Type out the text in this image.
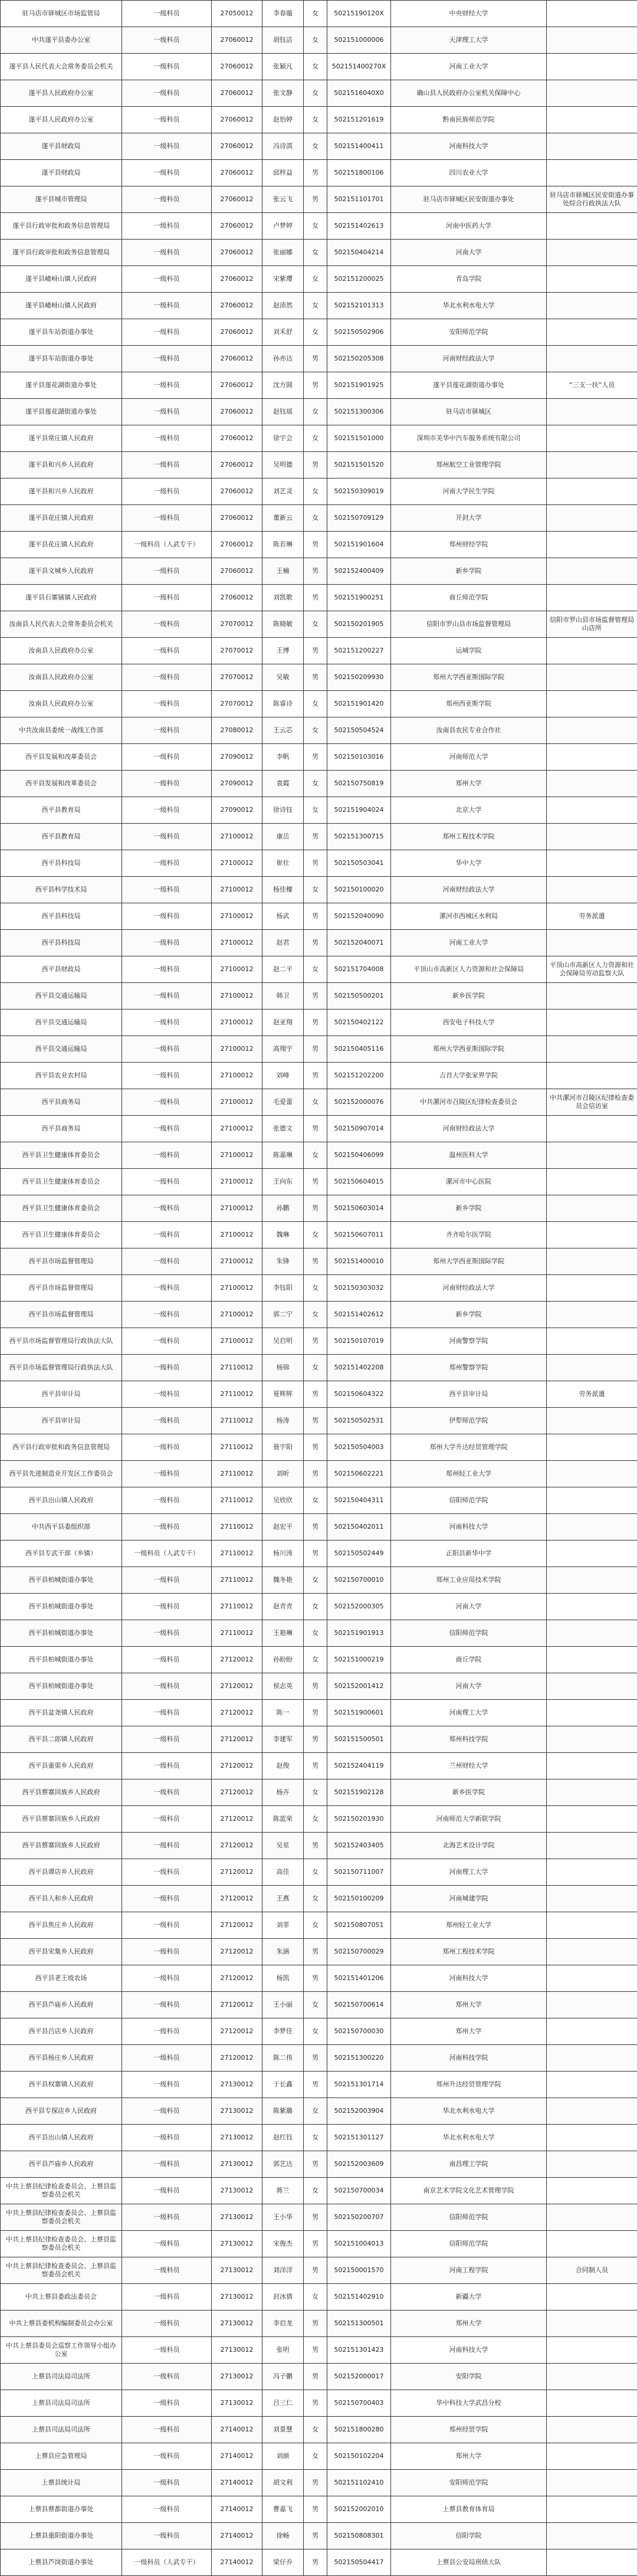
驻马店市驿城区市场监管局	一级科员	27050012	李春璇	女	50215190120X	中央财经大学	
中共遂平县委办公室	一级科员	27060012	胡钰洁	女	502151000006	天津理工大学	
遂平县人民代表大会常务委员会机关	一级科员	27060012	张颖凡	女	502151400270X	河南工业大学	
遂平县人民政府办公室	一级科员	27060012	张文静	女	5021516040X0	确山县人民政府办公室机关保障中心	
遂平县人民政府办公室	一级科员	27060012	赵怡婷	女	502151201619	黔南民族师范学院	
遂平县财政局	一级科员	27060012	冯诗淇	女	502151400411	河南科技大学	
遂平县财政局	一级科员	27060012	邱梓益	男	502151800106	四川农业大学	
遂平县城市管理局	一级科员	27060012	张云飞	男	502151101701	驻马店市驿城区民安街道办事处	驻马店市驿城区民安街道办事处综合行政执法大队
遂平县行政审批和政务信息管理局	一级科员	27060012	卢梦婷	女	502151402613	河南中医药大学	
遂平县行政审批和政务信息管理局	一级科员	27060012	张丽娜	女	502150404214	河南大学	
遂平县嵖岈山镇人民政府	一级科员	27060012	宋紫璎	女	502151200025	青岛学院	
遂平县嵖岈山镇人民政府	一级科员	27060012	赵沛然	女	502152101313	华北水利水电大学	
遂平县车站街道办事处	一级科员	27060012	刘禾舒	女	502150502906	安阳师范学院	
遂平县车站街道办事处	一级科员	27060012	孙亦达	男	502150205308	河南财经政法大学	
遂平县莲花湖街道办事处	一级科员	27060012	沈方圆	男	502151901925	遂平县莲花湖街道办事处	“三支一扶”人员
遂平县莲花湖街道办事处	一级科员	27060012	赵钰瑶	女	502151300306	驻马店市驿城区	
遂平县常庄镇人民政府	一级科员	27060012	徐宇会	女	502151501000	深圳市美华中汽车服务系统有限公司	
遂平县和兴乡人民政府	一级科员	27060012	吴明德	男	502151501520	郑州航空工业管理学院	
遂平县和兴乡人民政府	一级科员	27060012	刘艺灵	女	502150309019	河南大学民生学院	
遂平县花庄镇人民政府	一级科员	27060012	董新云	女	502150709129	开封大学	
遂平县花庄镇人民政府	一级科员（人武专干）	27060012	陈若琳	男	502151901604	郑州财经学院	
遂平县文城乡人民政府	一级科员	27060012	王楠	男	502152400409	新乡学院	
遂平县石寨铺镇人民政府	一级科员	27060012	刘凯歌	男	502151900251	商丘师范学院	
汝南县人民代表大会常务委员会机关	一级科员	27070012	陈晓敏	女	502150201905	信阳市罗山县市场监督管理局	信阳市罗山县市场监督管理局山店所
汝南县人民政府办公室	一级科员	27070012	王博	男	502151200227	运城学院	
汝南县人民政府办公室	一级科员	27070012	吴敏	男	502150209930	郑州大学西亚斯国际学院	
汝南县人民政府办公室	一级科员	27070012	陈睿诗	女	502151901420	郑州西亚斯学院	
中共汝南县委统一战线工作部	一级科员	27080012	王云芯	女	502150504524	汝南县农民专业合作社	
西平县发展和改革委员会	一级科员	27090012	李帆	男	502150103016	河南师范大学	
西平县发展和改革委员会	一级科员	27090012	袁霞	女	502150750819	郑州大学	
西平县教育局	一级科员	27090012	徐诗钰	女	502151904024	北京大学	
西平县教育局	一级科员	27100012	康岳	男	502151300715	郑州工程技术学院	
西平县科技局	一级科员	27100012	崔壮	男	502150503041	华中大学	
西平县科学技术局	一级科员	27100012	杨佳檬	女	502150100020	河南财经政法大学	
西平县科技局	一级科员	27100012	杨武	男	502152040090	漯河市西城区水利局	劳务派遣
西平县科技局	一级科员	27100012	赵君	男	502152040071	河南工业大学	
西平县财政局	一级科员	27100012	赵二平	女	502151704008	平顶山市高新区人力资源和社会保障局	平顶山市高新区人力资源和社会保障局劳动监察大队
西平县交通运输局	一级科员	27100012	韩卫	男	502150500201	新乡医学院	
西平县交通运输局	一级科员	27100012	赵亚翔	男	502150402122	西安电子科技大学	
西平县交通运输局	一级科员	27100012	高翔宇	男	502150405116	郑州大学西亚斯国际学院	
西平县农业农村局	一级科员	27100012	刘峰	男	502151202200	吉首大学张家界学院	
西平县商务局	一级科员	27100012	毛爱蕾	女	502152000076	中共漯河市召陵区纪律检查委员会	中共漯河市召陵区纪律检查委员会信访室
西平县商务局	一级科员	27100012	张德文	男	502150907014	河南财经政法大学	
西平县卫生健康体育委员会	一级科员	27100012	陈嘉琳	女	502150406099	温州医科大学	
西平县卫生健康体育委员会	一级科员	27100012	王向东	男	502150604015	漯河市中心医院	
西平县卫生健康体育委员会	一级科员	27100012	孙鹏	男	502150603014	新乡学院	
西平县卫生健康体育委员会	一级科员	27100012	魏琳	女	502150607011	齐齐哈尔医学院	
西平县市场监督管理局	一级科员	27100012	朱锋	男	502151400010	郑州大学西亚斯国际学院	
西平县市场监督管理局	一级科员	27100012	李钰阳	女	502150303032	河南财经政法大学	
西平县市场监督管理局	一级科员	27100012	郭二宁	女	502151402612	新乡学院	
西平县市场监督管理局行政执法大队	一级科员	27100012	吴启明	男	502150107019	河南警察学院	
西平县市场监督管理局行政执法大队	一级科员	27110012	杨锦	女	502151402208	郑州警察学院	
西平县审计局	一级科员	27110012	夏辉辉	男	502150604322	西平县审计局	劳务派遣
西平县审计局	一级科员	27110012	杨涛	男	502150502531	伊犁师范学院	
西平县行政审批和政务信息管理局	一级科员	27110012	聂宇阳	男	502150504003	郑州大学升达经贸管理学院	
西平县先进制造业开发区工作委员会	一级科员	27110012	刘昕	男	502150602221	郑州轻工业大学	
西平县出山镇人民政府	一级科员	27110012	吴欣欣	女	502150404311	信阳师范学院	
中共西平县委组织部	一级科员	27110012	赵宏平	男	502150402011	河南科技大学	
西平县专武干部（乡镇）	一级科员（人武专干）	27110012	杨川涛	男	502150502449	正阳县新华中学	
西平县柏城街道办事处	一级科员	27110012	魏冬艳	女	502150700010	郑州工业应用技术学院	
西平县柏城街道办事处	一级科员	27110012	赵青青	女	502152000305	河南大学	
西平县柏城街道办事处	一级科员	27110012	王艳琳	女	502151901913	信阳师范学院	
西平县柏城街道办事处	一级科员	27120012	孙盼盼	女	502151000219	商丘学院	
西平县柏城街道办事处	一级科员	27120012	侯志英	男	502152001412	河南大学	
西平县盆尧镇人民政府	一级科员	27120012	陈一	男	502151900601	河南理工大学	
西平县二郎镇人民政府	一级科员	27120012	李建军	男	502151500501	郑州科技学院	
西平县重渠乡人民政府	一级科员	27120012	赵俊	男	502152404119	兰州财经大学	
西平县蔡寨回族乡人民政府	一级科员	27120012	杨卉	女	502151902128	新乡医学院	
西平县蔡寨回族乡人民政府	一级科员	27120012	陈蓝荣	女	502150201930	河南师范大学新联学院	
西平县蔡寨回族乡人民政府	一级科员	27120012	吴星	男	502152403405	北海艺术设计学院	
西平县谭店乡人民政府	一级科员	27120012	高佳	女	502150711007	河南理工大学	
西平县人和乡人民政府	一级科员	27120012	王燕	女	502150100209	河南城建学院	
西平县焦庄乡人民政府	一级科员	27120012	刘菲	女	502150807051	郑州轻工业大学	
西平县宋集乡人民政府	一级科员	27120012	朱涵	男	502150700029	郑州工程技术学院	
西平县老王坡农场	一级科员	27120012	杨凯	男	502151401206	河南科技大学	
西平县芦庙乡人民政府	一级科员	27120012	王小丽	女	502150700614	郑州大学	
西平县吕店乡人民政府	一级科员	27120012	李梦佳	女	502150700030	郑州大学	
西平县杨庄乡人民政府	一级科员	27120012	陈二伟	男	502151300220	河南科技学院	
西平县权寨镇人民政府	一级科员	27130012	于长鑫	男	502151301714	郑州升达经贸管理学院	
西平县专探店乡人民政府	一级科员	27130012	陈紫璐	女	502152003904	华北水利水电大学	
西平县出山镇人民政府	一级科员	27130012	赵红钰	女	502151301127	华北水利水电大学	
西平县芦庙乡人民政府	一级科员	27130012	郭艺达	男	502152003609	南昌理工学院	
中共上蔡县纪律检查委员会、上蔡县监察委员会机关	一级科员	27130012	蒋兰	女	502150700034	南京艺术学院文化艺术管理学院	
中共上蔡县纪律检查委员会、上蔡县监察委员会机关	一级科员	27130012	王小华	男	502150200707	信阳师范学院	
中共上蔡县纪律检查委员会、上蔡县监察委员会机关	一级科员	27130012	宋俊杰	男	502151004013	信阳师范学院	
中共上蔡县纪律检查委员会、上蔡县监察委员会机关	一级科员	27130012	刘洋洋	男	502150001570	河南工程学院	合同制人员
中共上蔡县委政法委员会	一级科员	27130012	封冰倩	女	502151402910	新疆大学	
中共上蔡县委机构编制委员会办公室	一级科员	27130012	李启龙	男	502151300501	郑州大学	
中共上蔡县委员会巡察工作领导小组办公室	一级科员	27130012	张明	男	502151301423	河南科技大学	
上蔡县司法局司法所	一级科员	27130012	冯子鹏	男	502152000017	安阳学院	
上蔡县司法局司法所	一级科员	27130012	吕三仁	男	502150700403	华中科技大学武昌分校	
上蔡县司法局司法所	一级科员	27140012	刘景慧	女	502151800280	郑州经贸学院	
上蔡县应急管理局	一级科员	27140012	刘颜	女	502150102204	郑州大学	
上蔡县统计局	一级科员	27140012	胡文利	男	502151102410	安阳师范学院	
上蔡县蔡都街道办事处	一级科员	27140012	曹嘉飞	男	502152002010	上蔡县教育体育局	
上蔡县重阳街道办事处	一级科员	27140012	徐畅	男	502150808301	信阳学院	
上蔡县芦岗街道办事处	一级科员（人武专干）	27140012	梁仔乔	男	502150504417	上蔡县公安局刑侦大队	
